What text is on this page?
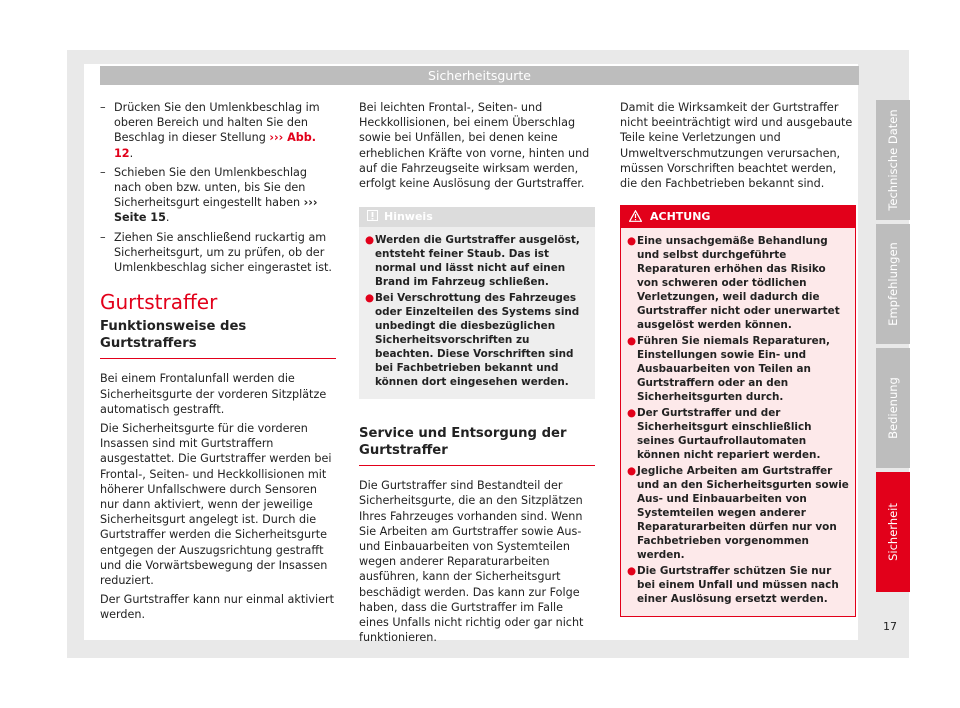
Sicherheitsgurte
– Drücken Sie den Umlenkbeschlag im oberen Bereich und halten Sie den Beschlag in dieser Stellung ››› Abb. 12.
– Schieben Sie den Umlenkbeschlag nach oben bzw. unten, bis Sie den Sicherheitsgurt eingestellt haben ››› Seite 15.
– Ziehen Sie anschließend ruckartig am Sicherheitsgurt, um zu prüfen, ob der Umlenkbeschlag sicher eingerastet ist.
Gurtstraffer
Funktionsweise des Gurtstraffers

Bei einem Frontalunfall werden die Sicherheitsgurte der vorderen Sitzplätze automatisch gestrafft.

Die Sicherheitsgurte für die vorderen Insassen sind mit Gurtstraffern ausgestattet. Die Gurtstraffer werden bei Frontal-, Seiten- und Heckkollisionen mit höherer Unfallschwere durch Sensoren nur dann aktiviert, wenn der jeweilige Sicherheitsgurt angelegt ist. Durch die Gurtstraffer werden die Sicherheitsgurte entgegen der Auszugsrichtung gestrafft und die Vorwärtsbewegung der Insassen reduziert.

Der Gurtstraffer kann nur einmal aktiviert werden.

Bei leichten Frontal-, Seiten- und Heckkollisionen, bei einem Überschlag sowie bei Unfällen, bei denen keine erheblichen Kräfte von vorne, hinten und auf die Fahrzeugseite wirksam werden, erfolgt keine Auslösung der Gurtstraffer.

Hinweis
● Werden die Gurtstraffer ausgelöst, entsteht feiner Staub. Das ist normal und lässt nicht auf einen Brand im Fahrzeug schließen.
● Bei Verschrottung des Fahrzeuges oder Einzelteilen des Systems sind unbedingt die diesbezüglichen Sicherheitsvorschriften zu beachten. Diese Vorschriften sind bei Fachbetrieben bekannt und können dort eingesehen werden.
Service und Entsorgung der Gurtstraffer

Die Gurtstraffer sind Bestandteil der Sicherheitsgurte, die an den Sitzplätzen Ihres Fahrzeuges vorhanden sind. Wenn Sie Arbeiten am Gurtstraffer sowie Aus- und Einbauarbeiten von Systemteilen wegen anderer Reparaturarbeiten ausführen, kann der Sicherheitsgurt beschädigt werden. Das kann zur Folge haben, dass die Gurtstraffer im Falle eines Unfalls nicht richtig oder gar nicht funktionieren.

Damit die Wirksamkeit der Gurtstraffer nicht beeinträchtigt wird und ausgebaute Teile keine Verletzungen und Umweltverschmutzungen verursachen, müssen Vorschriften beachtet werden, die den Fachbetrieben bekannt sind.

ACHTUNG
● Eine unsachgemäße Behandlung und selbst durchgeführte Reparaturen erhöhen das Risiko von schweren oder tödlichen Verletzungen, weil dadurch die Gurtstraffer nicht oder unerwartet ausgelöst werden können.
● Führen Sie niemals Reparaturen, Einstellungen sowie Ein- und Ausbauarbeiten von Teilen an Gurtstraffern oder an den Sicherheitsgurten durch.
● Der Gurtstraffer und der Sicherheitsgurt einschließlich seines Gurtaufrollautomaten können nicht repariert werden.
● Jegliche Arbeiten am Gurtstraffer und an den Sicherheitsgurten sowie Aus- und Einbauarbeiten von Systemteilen wegen anderer Reparaturarbeiten dürfen nur von Fachbetrieben vorgenommen werden.
● Die Gurtstraffer schützen Sie nur bei einem Unfall und müssen nach einer Auslösung ersetzt werden.
Technische Daten
Empfehlungen
Bedienung
Sicherheit
17
